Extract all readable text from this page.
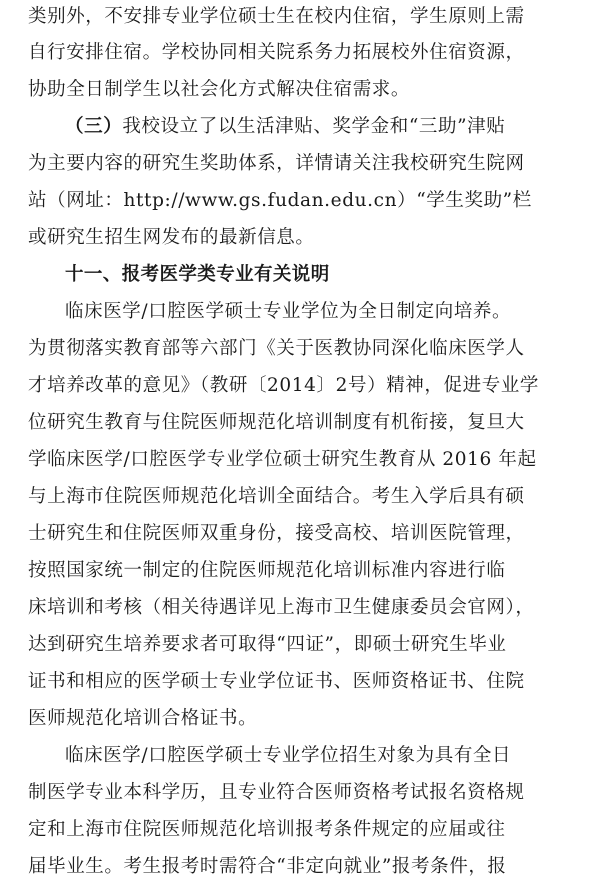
类别外，不安排专业学位硕士生在校内住宿，学生原则上需
自行安排住宿。学校协同相关院系务力拓展校外住宿资源，
协助全日制学生以社会化方式解决住宿需求。
（三）我校设立了以生活津贴、奖学金和“三助”津贴
为主要内容的研究生奖助体系，详情请关注我校研究生院网
站（网址：http://www.gs.fudan.edu.cn）“学生奖助”栏
或研究生招生网发布的最新信息。
十一、报考医学类专业有关说明
临床医学/口腔医学硕士专业学位为全日制定向培养。
为贯彻落实教育部等六部门《关于医教协同深化临床医学人
才培养改革的意见》（教研〔2014〕2号）精神，促进专业学
位研究生教育与住院医师规范化培训制度有机衔接，复旦大
学临床医学/口腔医学专业学位硕士研究生教育从 2016 年起
与上海市住院医师规范化培训全面结合。考生入学后具有硕
士研究生和住院医师双重身份，接受高校、培训医院管理，
按照国家统一制定的住院医师规范化培训标准内容进行临
床培训和考核（相关待遇详见上海市卫生健康委员会官网），
达到研究生培养要求者可取得“四证”，即硕士研究生毕业
证书和相应的医学硕士专业学位证书、医师资格证书、住院
医师规范化培训合格证书。
临床医学/口腔医学硕士专业学位招生对象为具有全日
制医学专业本科学历，且专业符合医师资格考试报名资格规
定和上海市住院医师规范化培训报考条件规定的应届或往
届毕业生。考生报考时需符合“非定向就业”报考条件，报
